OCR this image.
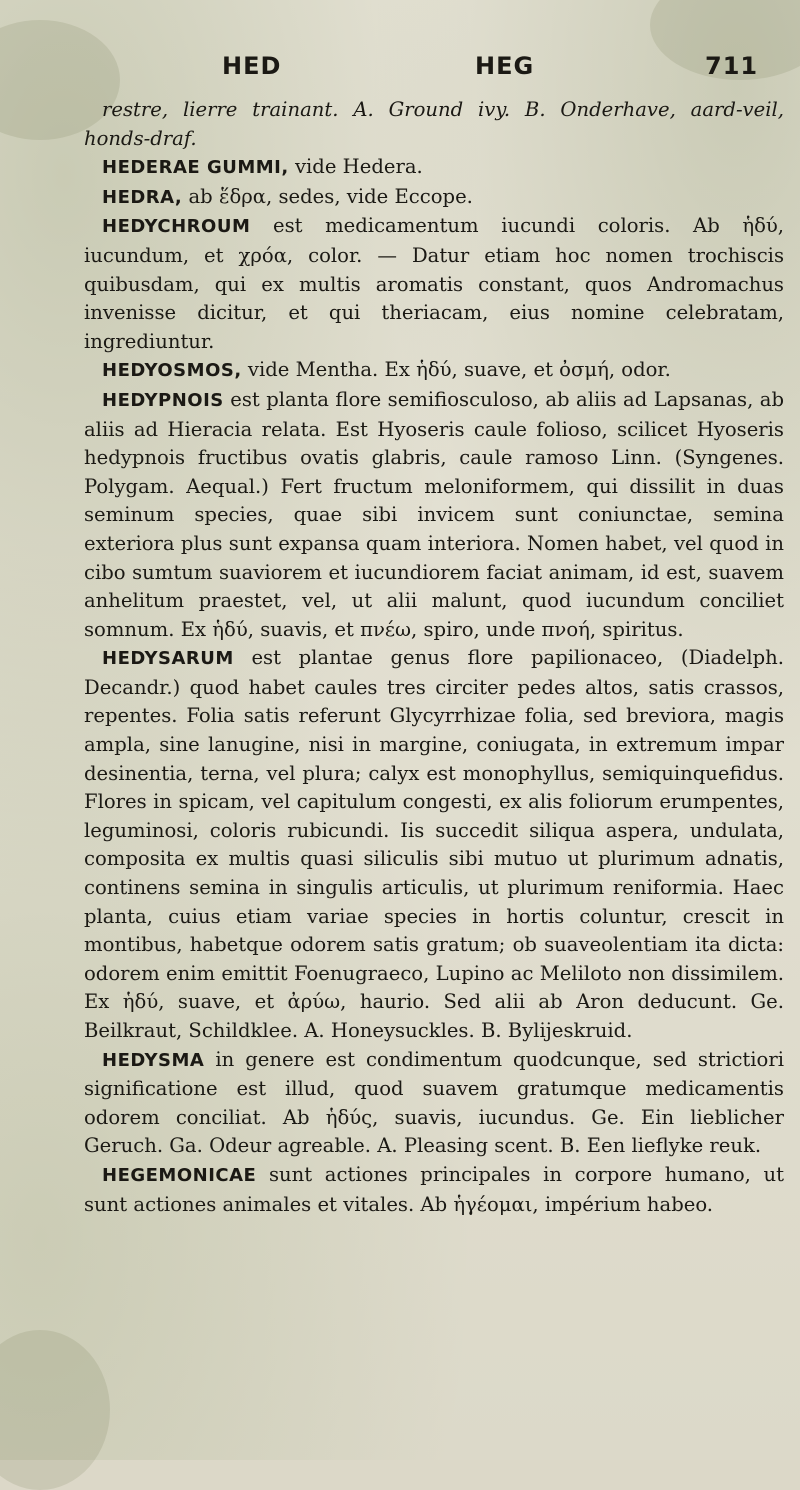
HED	HEG	711

restre, lierre trainant. A. Ground ivy. B. Onderhave, aard-veil, honds-draf.

HEDERAE GUMMI, vide Hedera.

HEDRA, ab ἕδρα, sedes, vide Eccope.

HEDYCHROUM est medicamentum iucundi coloris. Ab ἡδύ, iucundum, et χρόα, color. — Datur etiam hoc nomen trochiscis quibusdam, qui ex multis aromatis constant, quos Andromachus invenisse dicitur, et qui theriacam, eius nomine celebratam, ingrediuntur.

HEDYOSMOS, vide Mentha. Ex ἡδύ, suave, et ὀσμή, odor.

HEDYPNOIS est planta flore semifiosculoso, ab aliis ad Lapsanas, ab aliis ad Hieracia relata. Est Hyoseris caule folioso, scilicet Hyoseris hedypnois fructibus ovatis glabris, caule ramoso Linn. (Syngenes. Polygam. Aequal.) Fert fructum meloniformem, qui dissilit in duas seminum species, quae sibi invicem sunt coniunctae, semina exteriora plus sunt expansa quam interiora. Nomen habet, vel quod in cibo sumtum suaviorem et iucundiorem faciat animam, id est, suavem anhelitum praestet, vel, ut alii malunt, quod iucundum conciliet somnum. Ex ἡδύ, suavis, et πνέω, spiro, unde πνοή, spiritus.

HEDYSARUM est plantae genus flore papilionaceo, (Diadelph. Decandr.) quod habet caules tres circiter pedes altos, satis crassos, repentes. Folia satis referunt Glycyrrhizae folia, sed breviora, magis ampla, sine lanugine, nisi in margine, coniugata, in extremum impar desinentia, terna, vel plura; calyx est monophyllus, semiquinquefidus. Flores in spicam, vel capitulum congesti, ex alis foliorum erumpentes, leguminosi, coloris rubicundi. Iis succedit siliqua aspera, undulata, composita ex multis quasi siliculis sibi mutuo ut plurimum adnatis, continens semina in singulis articulis, ut plurimum reniformia. Haec planta, cuius etiam variae species in hortis coluntur, crescit in montibus, habetque odorem satis gratum; ob suaveolentiam ita dicta: odorem enim emittit Foenugraeco, Lupino ac Meliloto non dissimilem. Ex ἡδύ, suave, et ἀρύω, haurio. Sed alii ab Aron deducunt. Ge. Beilkraut, Schildklee. A. Honeysuckles. B. Bylijeskruid.

HEDYSMA in genere est condimentum quodcunque, sed strictiori significatione est illud, quod suavem gratumque medicamentis odorem conciliat. Ab ἡδύς, suavis, iucundus. Ge. Ein lieblicher Geruch. Ga. Odeur agreable. A. Pleasing scent. B. Een lieflyke reuk.

HEGEMONICAE sunt actiones principales in corpore humano, ut sunt actiones animales et vitales. Ab ἡγέομαι, impérium habeo.
